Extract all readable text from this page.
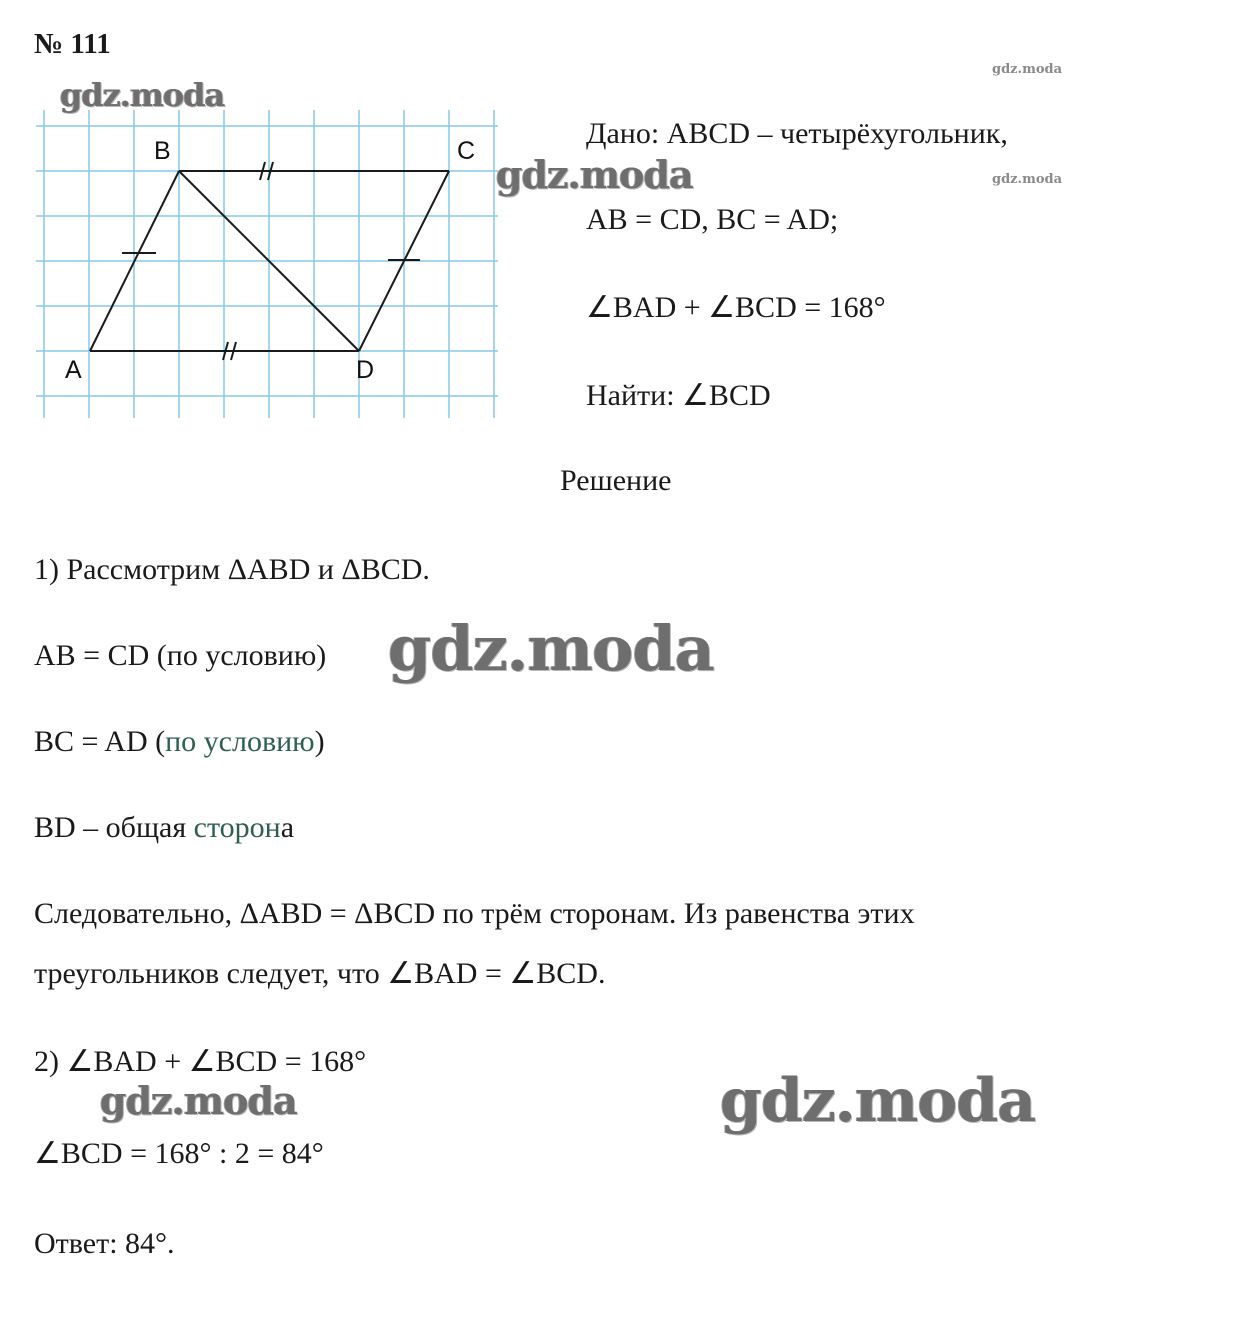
№ 111
gdz.moda
gdz.moda
gdz.moda	gdz.moda
gdz.moda
gdz.moda	gdz.moda
B	C
A	D
Дано: ABCD – четырёхугольник,
AB = CD, BC = AD;
∠BAD + ∠BCD = 168°
Найти: ∠BCD
Решение
1) Рассмотрим ΔABD и ΔBCD.
AB = CD (по условию)
BC = AD (по условию)
BD – общая сторона
Следовательно, ΔABD = ΔBCD по трём сторонам. Из равенства этих
треугольников следует, что ∠BAD = ∠BCD.
2) ∠BAD + ∠BCD = 168°
∠BCD = 168° : 2 = 84°
Ответ: 84°.
